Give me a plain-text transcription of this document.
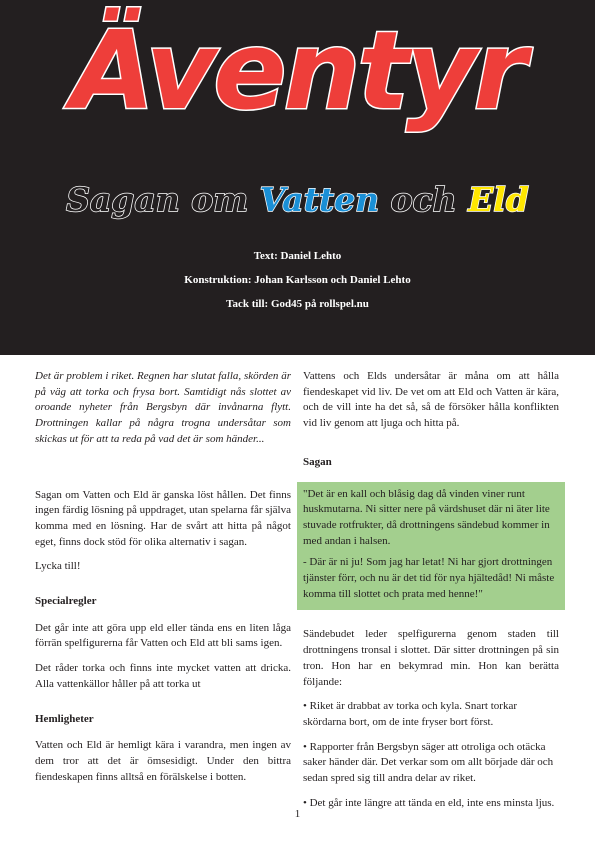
Äventyr
Sagan om Vatten och Eld
Text: Daniel Lehto
Konstruktion: Johan Karlsson och Daniel Lehto
Tack till: God45 på rollspel.nu

Det är problem i riket. Regnen har slutat falla, skörden är på väg att torka och frysa bort. Samtidigt nås slottet av oroande nyheter från Bergsbyn där invånarna flytt. Drottningen kallar på några trogna undersåtar som skickas ut för att ta reda på vad det är som händer...

Sagan om Vatten och Eld är ganska löst hållen. Det finns ingen färdig lösning på uppdraget, utan spelarna får själva komma med en lösning. Har de svårt att hitta på något eget, finns dock stöd för olika alternativ i sagan.

Lycka till!

Specialregler

Det går inte att göra upp eld eller tända ens en liten låga förrän spelfigurerna får Vatten och Eld att bli sams igen.

Det råder torka och finns inte mycket vatten att dricka. Alla vattenkällor håller på att torka ut

Hemligheter

Vatten och Eld är hemligt kära i varandra, men ingen av dem tror att det är ömsesidigt. Under den bittra fiendeskapen finns alltså en förälskelse i botten.

Vattens och Elds undersåtar är måna om att hålla fiendeskapet vid liv. De vet om att Eld och Vatten är kära, och de vill inte ha det så, så de försöker hålla konflikten vid liv genom att ljuga och hitta på.

Sagan

"Det är en kall och blåsig dag då vinden viner runt huskmutarna. Ni sitter nere på värdshuset där ni äter lite stuvade rotfrukter, då drottningens sändebud kommer in med andan i halsen.

- Där är ni ju! Som jag har letat! Ni har gjort drottningen tjänster förr, och nu är det tid för nya hjältedåd! Ni måste komma till slottet och prata med henne!"

Sändebudet leder spelfigurerna genom staden till drottningens tronsal i slottet. Där sitter drottningen på sin tron. Hon har en bekymrad min. Hon kan berätta följande:

• Riket är drabbat av torka och kyla. Snart torkar skördarna bort, om de inte fryser bort först.

• Rapporter från Bergsbyn säger att otroliga och otäcka saker händer där. Det verkar som om allt började där och sedan spred sig till andra delar av riket.

• Det går inte längre att tända en eld, inte ens minsta ljus.

1
